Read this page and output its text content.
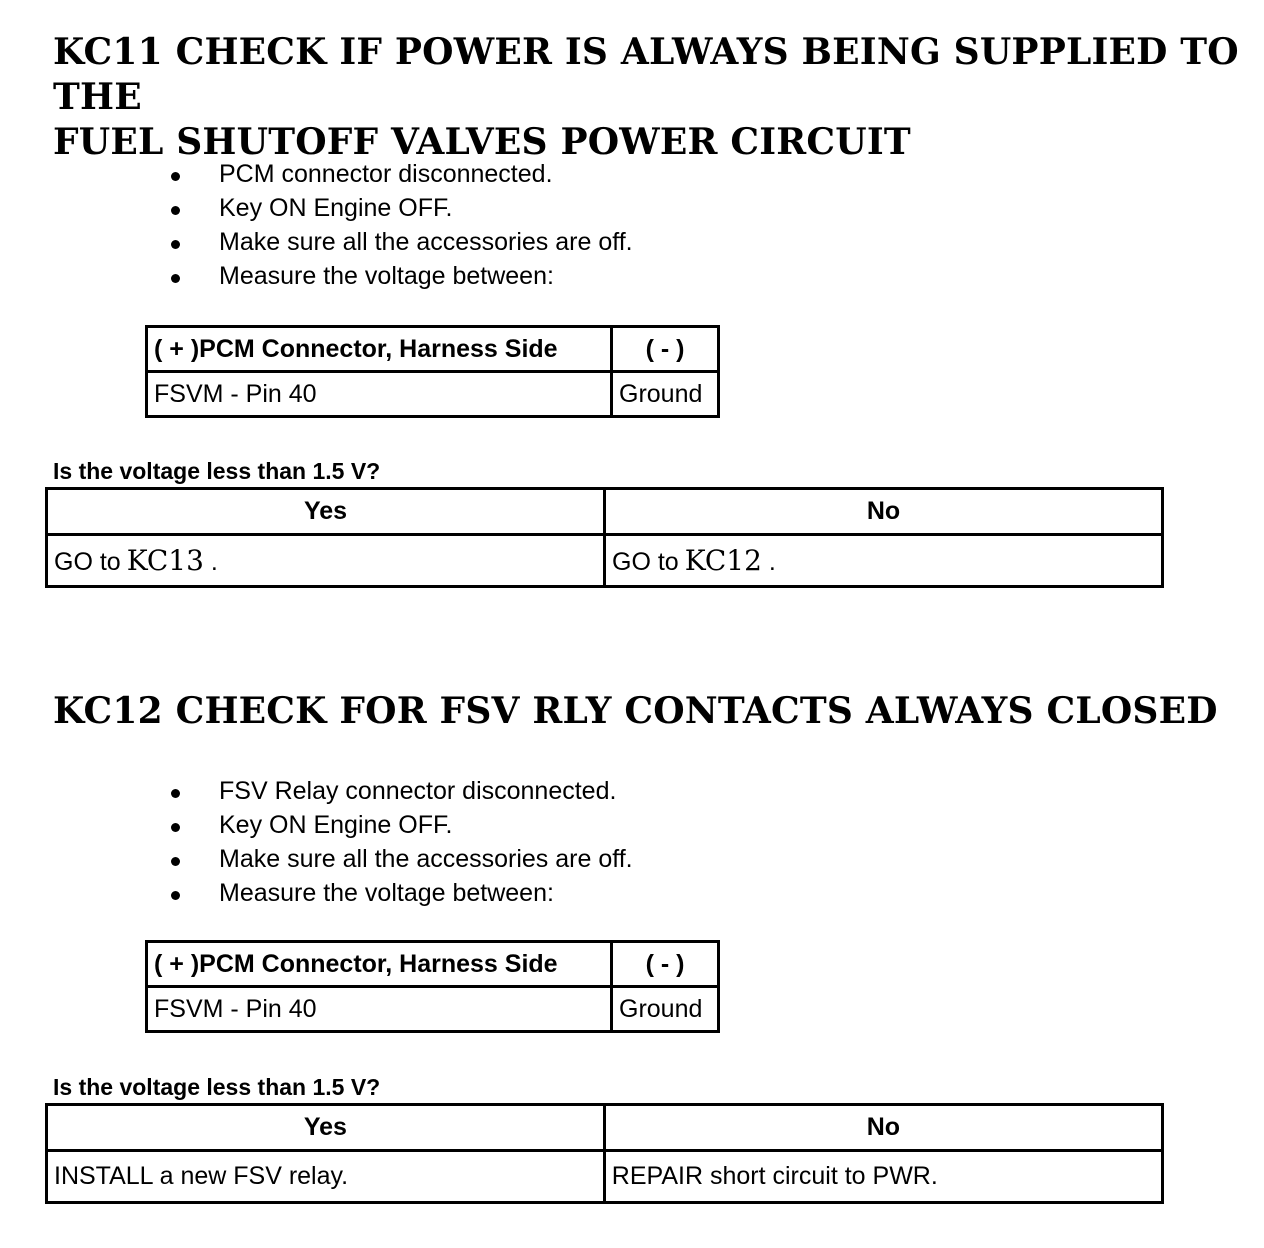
KC11 CHECK IF POWER IS ALWAYS BEING SUPPLIED TO THE
FUEL SHUTOFF VALVES POWER CIRCUIT
PCM connector disconnected.
Key ON Engine OFF.
Make sure all the accessories are off.
Measure the voltage between:
( + )PCM Connector, Harness Side	( - )
FSVM - Pin 40	Ground

Is the voltage less than 1.5 V?

Yes	No
GO to KC13 .	GO to KC12 .
KC12 CHECK FOR FSV RLY CONTACTS ALWAYS CLOSED
FSV Relay connector disconnected.
Key ON Engine OFF.
Make sure all the accessories are off.
Measure the voltage between:
( + )PCM Connector, Harness Side	( - )
FSVM - Pin 40	Ground

Is the voltage less than 1.5 V?

Yes	No
INSTALL a new FSV relay.	REPAIR short circuit to PWR.
